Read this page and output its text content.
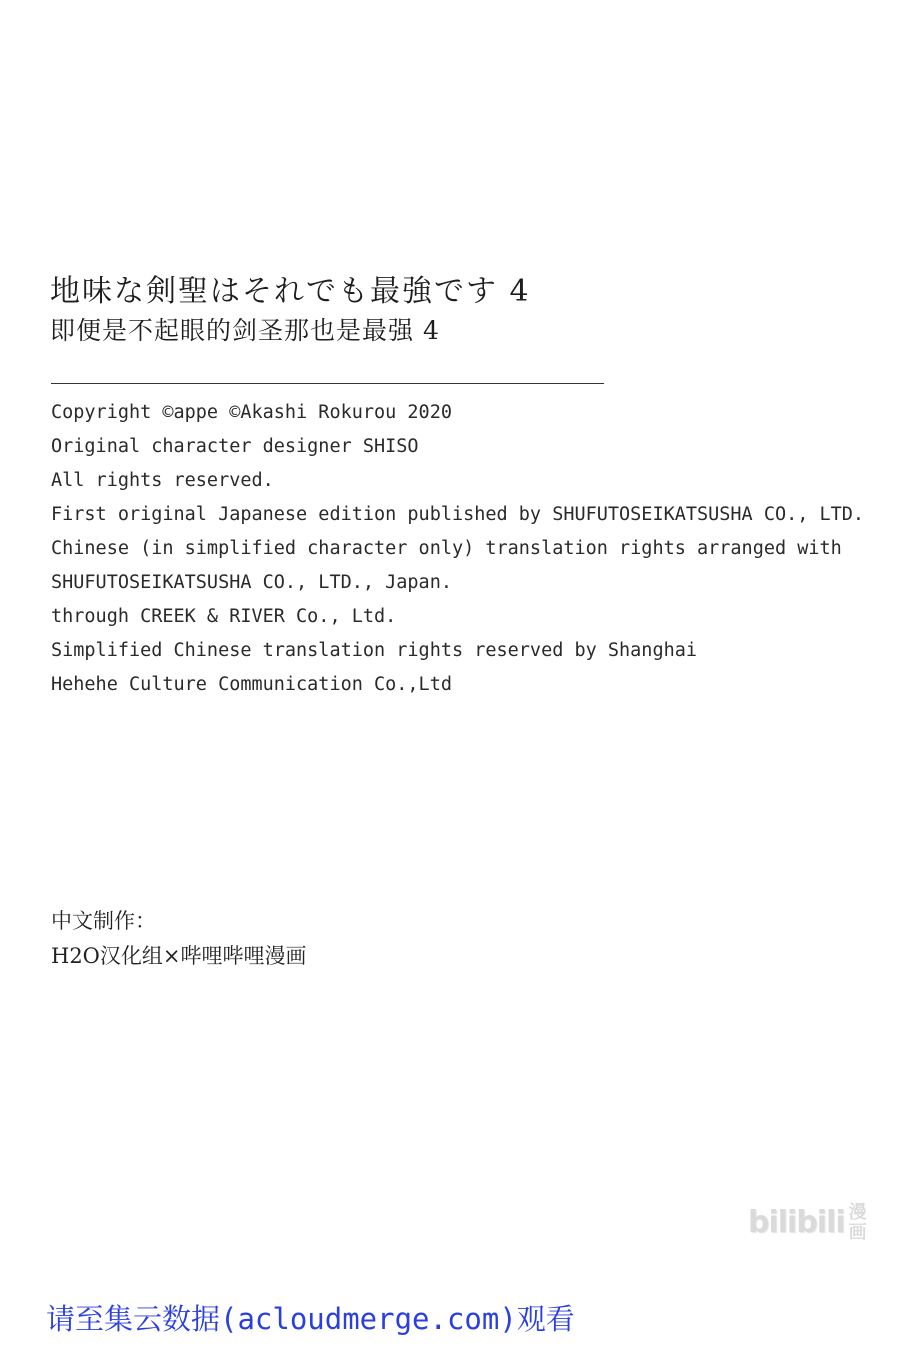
地味な剣聖はそれでも最強です 4
即便是不起眼的剑圣那也是最强 4
Copyright ©appe ©Akashi Rokurou 2020
Original character designer SHISO
All rights reserved.
First original Japanese edition published by SHUFUTOSEIKATSUSHA CO., LTD.
Chinese (in simplified character only) translation rights arranged with
SHUFUTOSEIKATSUSHA CO., LTD., Japan.
through CREEK & RIVER Co., Ltd.
Simplified Chinese translation rights reserved by Shanghai
Hehehe Culture Communication Co.,Ltd
中文制作：
H2O汉化组×哔哩哔哩漫画
bilibili 漫
画
请至集云数据(acloudmerge.com)观看
